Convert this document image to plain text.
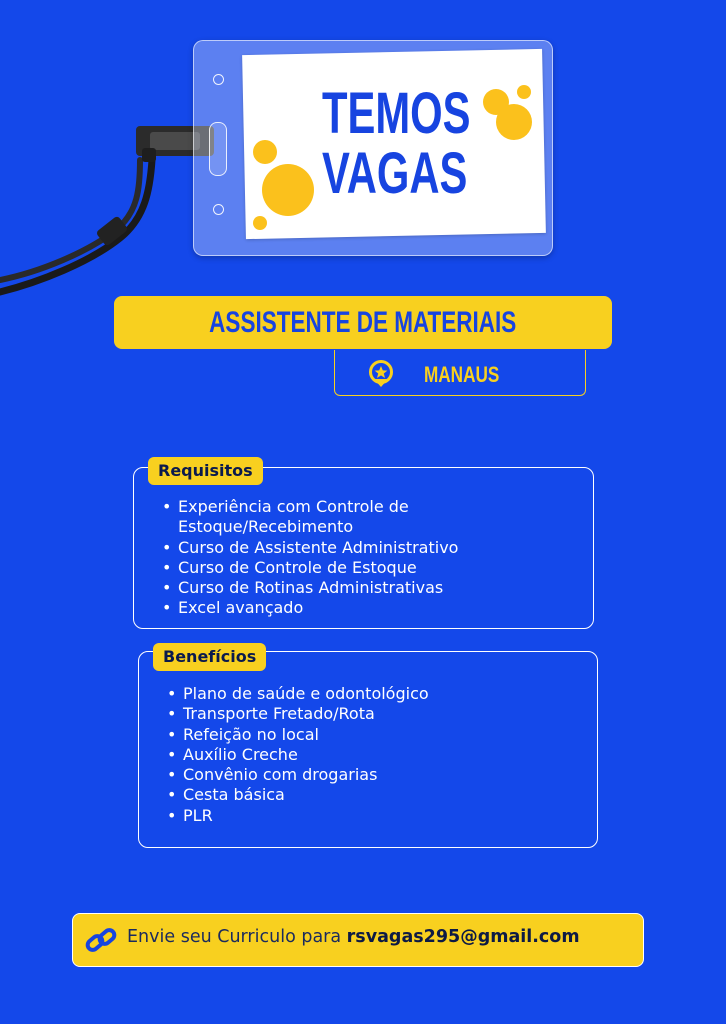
TEMOS
VAGAS
ASSISTENTE DE MATERIAIS
MANAUS
Requisitos
• Experiência com Controle de
Estoque/Recebimento
• Curso de Assistente Administrativo
• Curso de Controle de Estoque
• Curso de Rotinas Administrativas
• Excel avançado
Benefícios
• Plano de saúde e odontológico
• Transporte Fretado/Rota
• Refeição no local
• Auxílio Creche
• Convênio com drogarias
• Cesta básica
• PLR
Envie seu Curriculo para rsvagas295@gmail.com
